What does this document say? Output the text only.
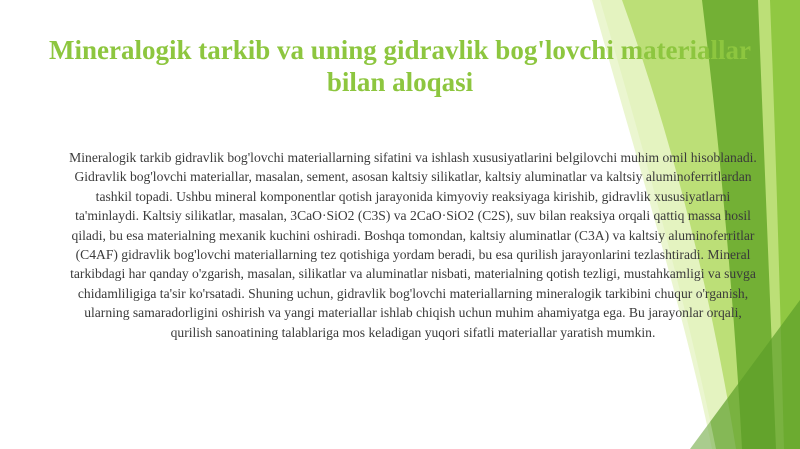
Mineralogik tarkib va uning gidravlik bog'lovchi materiallar bilan aloqasi

Mineralogik tarkib gidravlik bog'lovchi materiallarning sifatini va ishlash xususiyatlarini belgilovchi muhim omil hisoblanadi. Gidravlik bog'lovchi materiallar, masalan, sement, asosan kaltsiy silikatlar, kaltsiy aluminatlar va kaltsiy aluminoferritlardan tashkil topadi. Ushbu mineral komponentlar qotish jarayonida kimyoviy reaksiyaga kirishib, gidravlik xususiyatlarni ta'minlaydi. Kaltsiy silikatlar, masalan, 3CaO·SiO2 (C3S) va 2CaO·SiO2 (C2S), suv bilan reaksiya orqali qattiq massa hosil qiladi, bu esa materialning mexanik kuchini oshiradi. Boshqa tomondan, kaltsiy aluminatlar (C3A) va kaltsiy aluminoferritlar (C4AF) gidravlik bog'lovchi materiallarning tez qotishiga yordam beradi, bu esa qurilish jarayonlarini tezlashtiradi. Mineral tarkibdagi har qanday o'zgarish, masalan, silikatlar va aluminatlar nisbati, materialning qotish tezligi, mustahkamligi va suvga chidamliligiga ta'sir ko'rsatadi. Shuning uchun, gidravlik bog'lovchi materiallarning mineralogik tarkibini chuqur o'rganish, ularning samaradorligini oshirish va yangi materiallar ishlab chiqish uchun muhim ahamiyatga ega. Bu jarayonlar orqali, qurilish sanoatining talablariga mos keladigan yuqori sifatli materiallar yaratish mumkin.
